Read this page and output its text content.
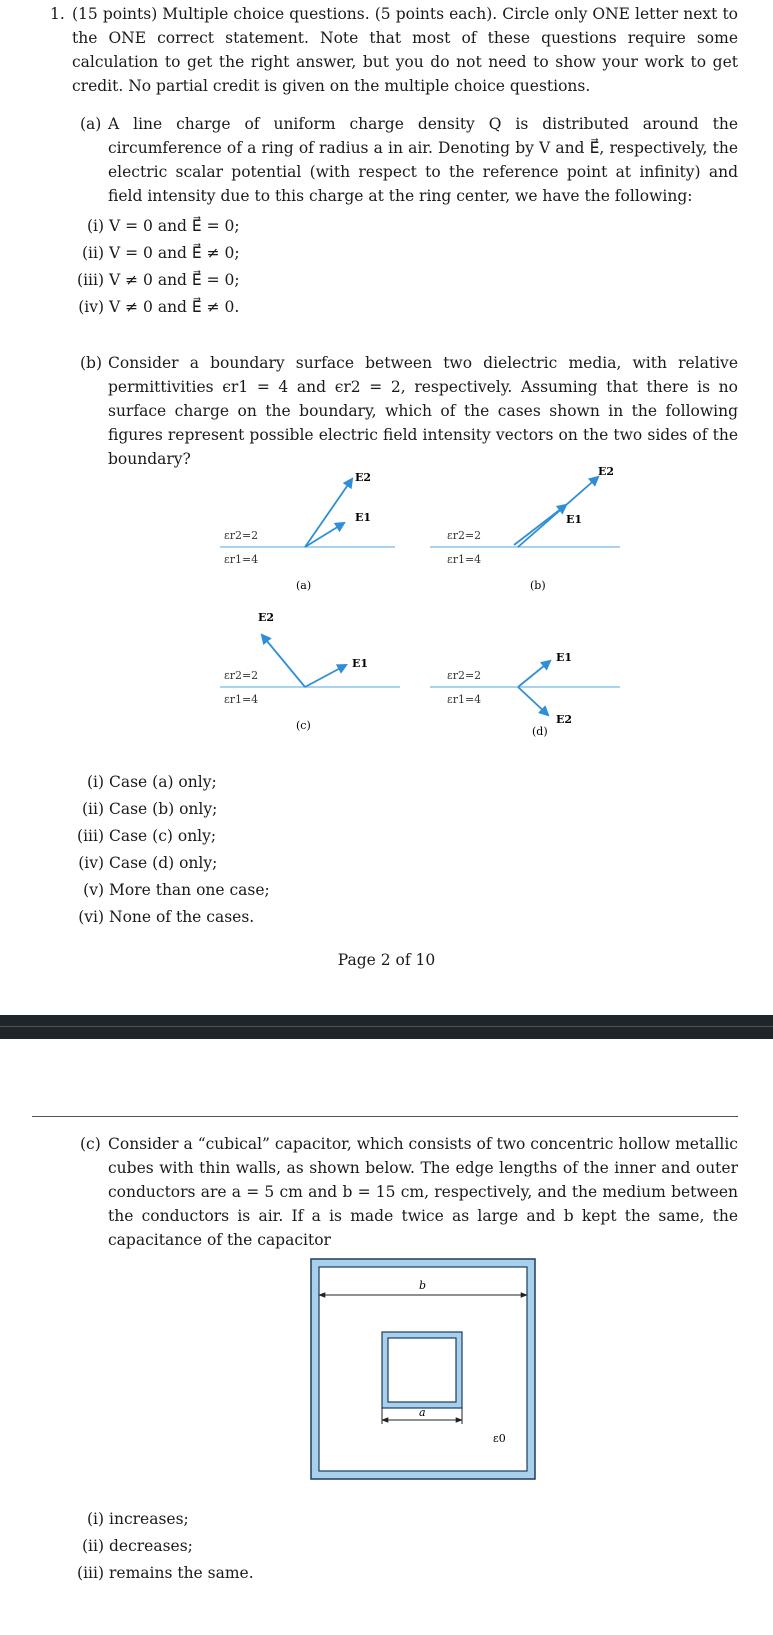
1. (15 points) Multiple choice questions. (5 points each). Circle only ONE letter next to the ONE correct statement. Note that most of these questions require some calculation to get the right answer, but you do not need to show your work to get credit. No partial credit is given on the multiple choice questions.
(a) A line charge of uniform charge density Q is distributed around the circumference of a ring of radius a in air. Denoting by V and E⃗, respectively, the electric scalar potential (with respect to the reference point at infinity) and field intensity due to this charge at the ring center, we have the following:
(i) V = 0 and E⃗ = 0;
(ii) V = 0 and E⃗ ≠ 0;
(iii) V ≠ 0 and E⃗ = 0;
(iv) V ≠ 0 and E⃗ ≠ 0.
(b) Consider a boundary surface between two dielectric media, with relative permittivities ϵr1 = 4 and ϵr2 = 2, respectively. Assuming that there is no surface charge on the boundary, which of the cases shown in the following figures represent possible electric field intensity vectors on the two sides of the boundary?
εr2=2
εr1=4
εr2=2
εr1=4
εr2=2
εr1=4
εr2=2
εr1=4
E2
E1
(a)
E2
E1
(b)
E2
E1
(c)
E1
E2
(d)
(i) Case (a) only;
(ii) Case (b) only;
(iii) Case (c) only;
(iv) Case (d) only;
(v) More than one case;
(vi) None of the cases.
Page 2 of 10
(c) Consider a “cubical” capacitor, which consists of two concentric hollow metallic cubes with thin walls, as shown below. The edge lengths of the inner and outer conductors are a = 5 cm and b = 15 cm, respectively, and the medium between the conductors is air. If a is made twice as large and b kept the same, the capacitance of the capacitor
b
a
ε0
(i) increases;
(ii) decreases;
(iii) remains the same.
